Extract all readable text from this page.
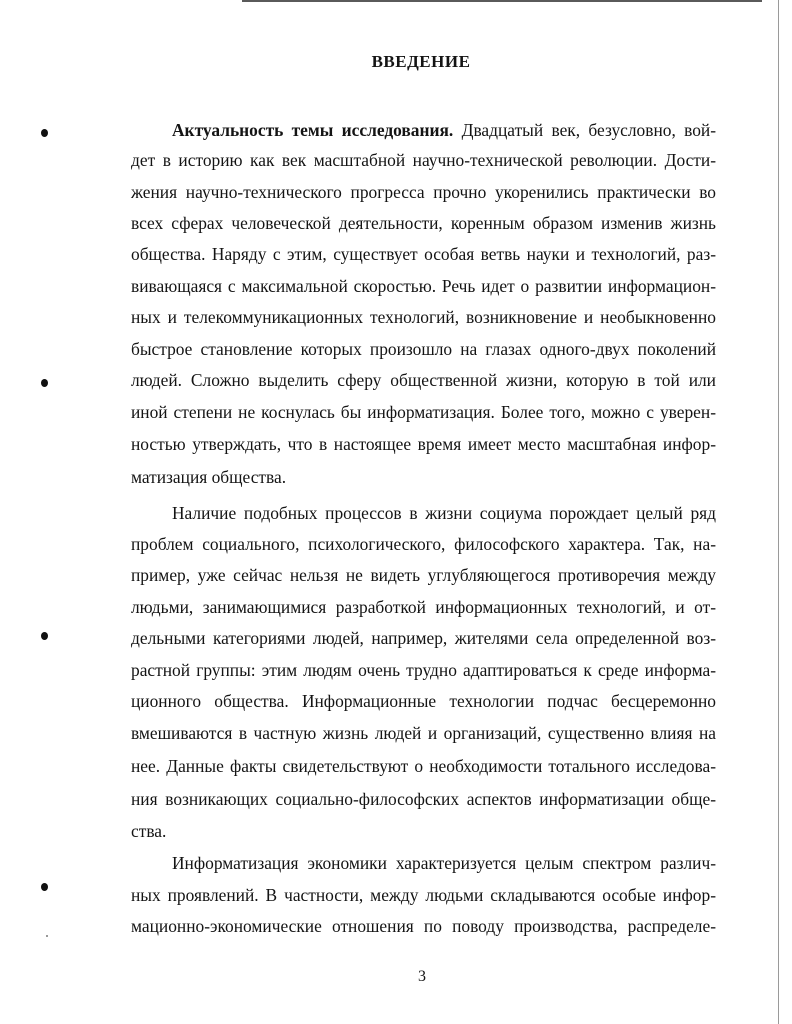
ВВЕДЕНИЕ
Актуальность темы исследования. Двадцатый век, безусловно, вой-
дет в историю как век масштабной научно-технической революции. Дости-
жения научно-технического прогресса прочно укоренились практически во
всех сферах человеческой деятельности, коренным образом изменив жизнь
общества. Наряду с этим, существует особая ветвь науки и технологий, раз-
вивающаяся с максимальной скоростью. Речь идет о развитии информацион-
ных и телекоммуникационных технологий, возникновение и необыкновенно
быстрое становление которых произошло на глазах одного-двух поколений
людей. Сложно выделить сферу общественной жизни, которую в той или
иной степени не коснулась бы информатизация. Более того, можно с уверен-
ностью утверждать, что в настоящее время имеет место масштабная инфор-
матизация общества.
Наличие подобных процессов в жизни социума порождает целый ряд
проблем социального, психологического, философского характера. Так, на-
пример, уже сейчас нельзя не видеть углубляющегося противоречия между
людьми, занимающимися разработкой информационных технологий, и от-
дельными категориями людей, например, жителями села определенной воз-
растной группы: этим людям очень трудно адаптироваться к среде информа-
ционного общества. Информационные технологии подчас бесцеремонно
вмешиваются в частную жизнь людей и организаций, существенно влияя на
нее. Данные факты свидетельствуют о необходимости тотального исследова-
ния возникающих социально-философских аспектов информатизации обще-
ства.
Информатизация экономики характеризуется целым спектром различ-
ных проявлений. В частности, между людьми складываются особые инфор-
мационно-экономические отношения по поводу производства, распределе-
3
